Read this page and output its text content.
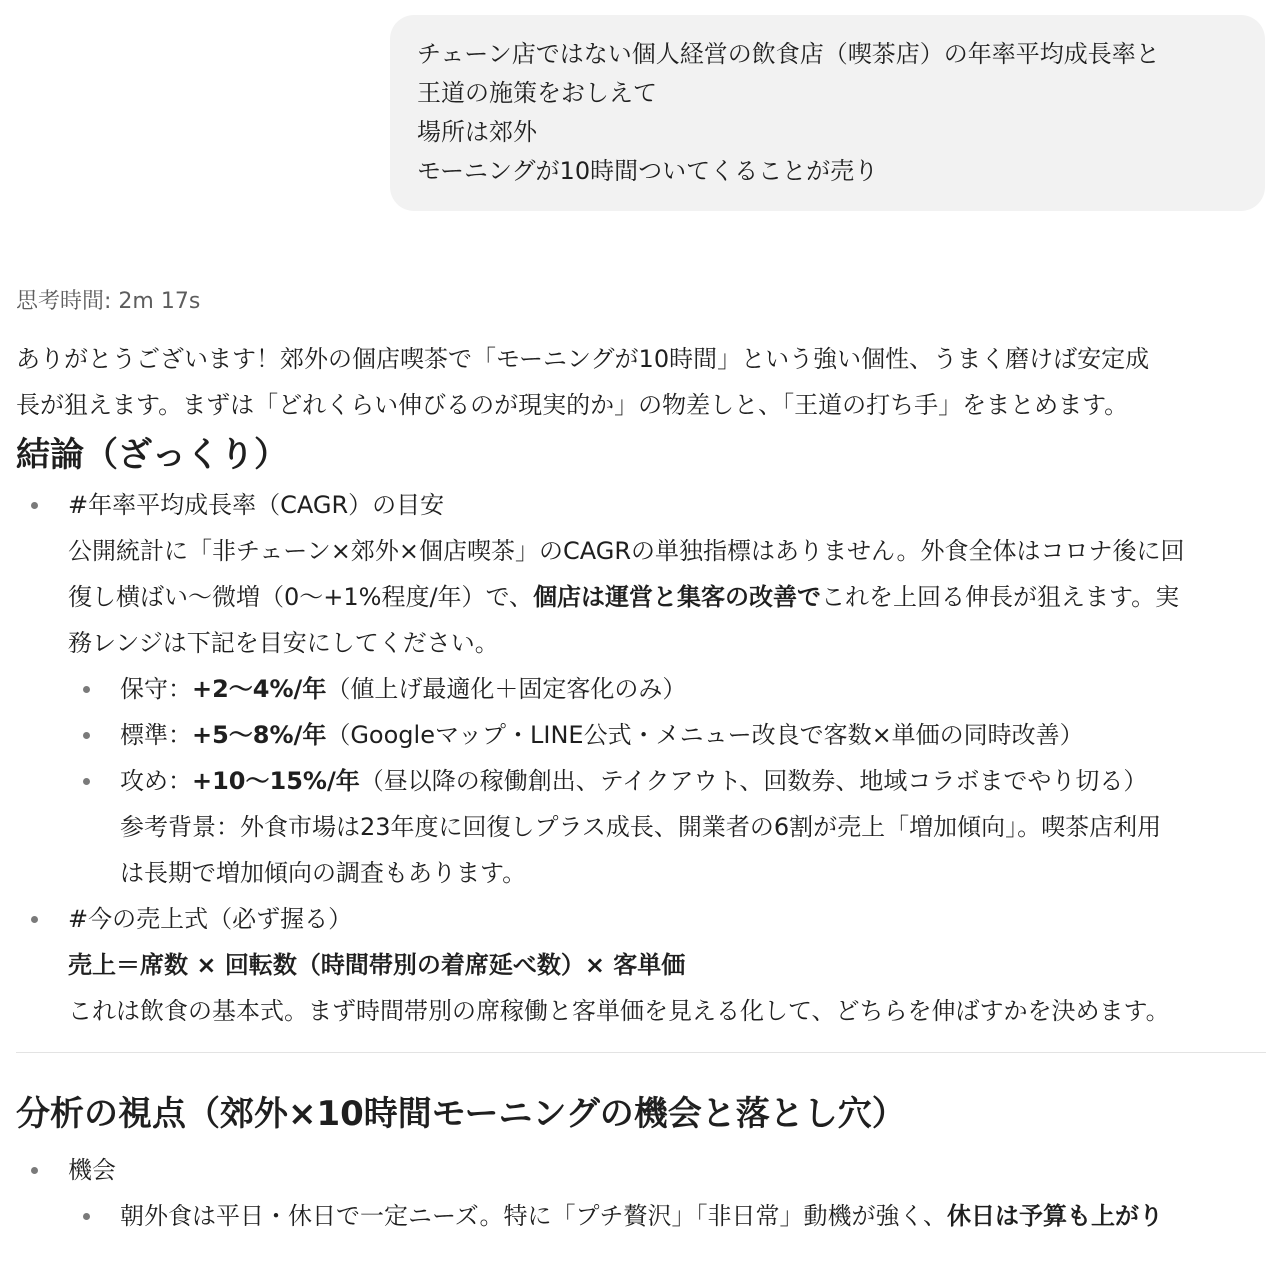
チェーン店ではない個人経営の飲食店（喫茶店）の年率平均成長率と
王道の施策をおしえて
場所は郊外
モーニングが10時間ついてくることが売り
思考時間: 2m 17s
ありがとうございます！郊外の個店喫茶で「モーニングが10時間」という強い個性、うまく磨けば安定成
長が狙えます。まずは「どれくらい伸びるのが現実的か」の物差しと、「王道の打ち手」をまとめます。
結論（ざっくり）
#年率平均成長率（CAGR）の目安
公開統計に「非チェーン×郊外×個店喫茶」のCAGRの単独指標はありません。外食全体はコロナ後に回
復し横ばい〜微増（0〜+1%程度/年）で、個店は運営と集客の改善でこれを上回る伸長が狙えます。実
務レンジは下記を目安にしてください。
保守：+2〜4%/年（値上げ最適化＋固定客化のみ）
標準：+5〜8%/年（Googleマップ・LINE公式・メニュー改良で客数×単価の同時改善）
攻め：+10〜15%/年（昼以降の稼働創出、テイクアウト、回数券、地域コラボまでやり切る）
参考背景：外食市場は23年度に回復しプラス成長、開業者の6割が売上「増加傾向」。喫茶店利用
は長期で増加傾向の調査もあります。
#今の売上式（必ず握る）
売上＝席数 × 回転数（時間帯別の着席延べ数）× 客単価
これは飲食の基本式。まず時間帯別の席稼働と客単価を見える化して、どちらを伸ばすかを決めます。
分析の視点（郊外×10時間モーニングの機会と落とし穴）
機会
朝外食は平日・休日で一定ニーズ。特に「プチ贅沢」「非日常」動機が強く、休日は予算も上がり
